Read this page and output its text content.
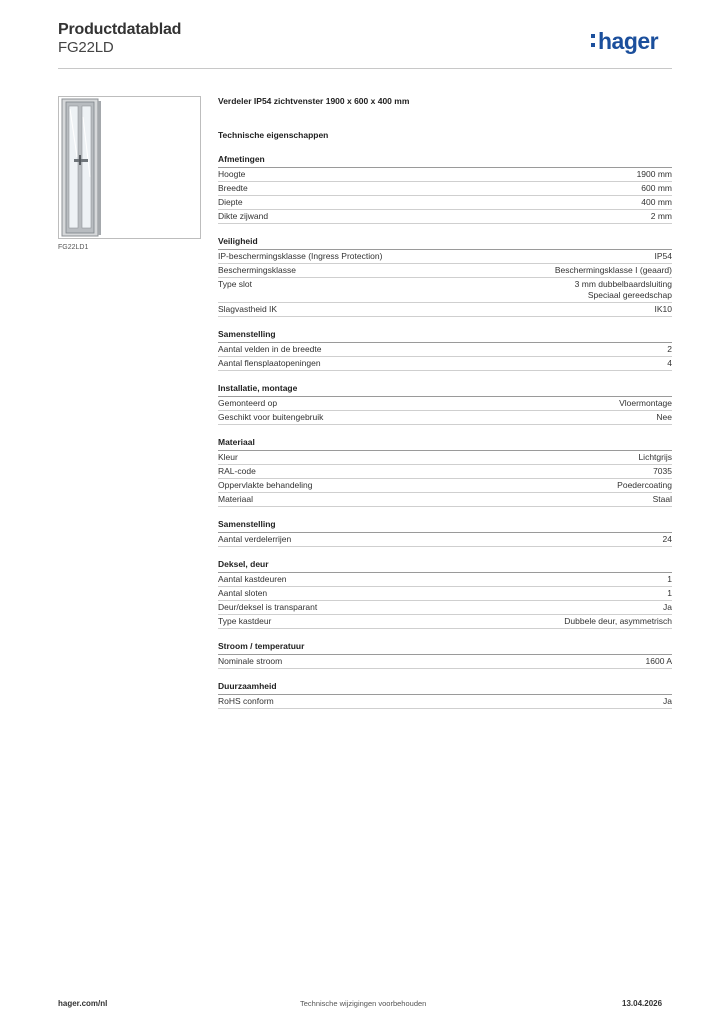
Productdatablad
FG22LD	hager
FG22LD1
Verdeler IP54 zichtvenster 1900 x 600 x 400 mm
Technische eigenschappen
Afmetingen
Hoogte	1900 mm
Breedte	600 mm
Diepte	400 mm
Dikte zijwand	2 mm
Veiligheid
IP-beschermingsklasse (Ingress Protection)	IP54
Beschermingsklasse	Beschermingsklasse I (geaard)
Type slot	3 mm dubbelbaardsluiting
Speciaal gereedschap
Slagvastheid IK	IK10
Samenstelling
Aantal velden in de breedte	2
Aantal flensplaatopeningen	4
Installatie, montage
Gemonteerd op	Vloermontage
Geschikt voor buitengebruik	Nee
Materiaal
Kleur	Lichtgrijs
RAL-code	7035
Oppervlakte behandeling	Poedercoating
Materiaal	Staal
Samenstelling
Aantal verdelerrijen	24
Deksel, deur
Aantal kastdeuren	1
Aantal sloten	1
Deur/deksel is transparant	Ja
Type kastdeur	Dubbele deur, asymmetrisch
Stroom / temperatuur
Nominale stroom	1600 A
Duurzaamheid
RoHS conform	Ja
hager.com/nl	Technische wijzigingen voorbehouden	13.04.2026
